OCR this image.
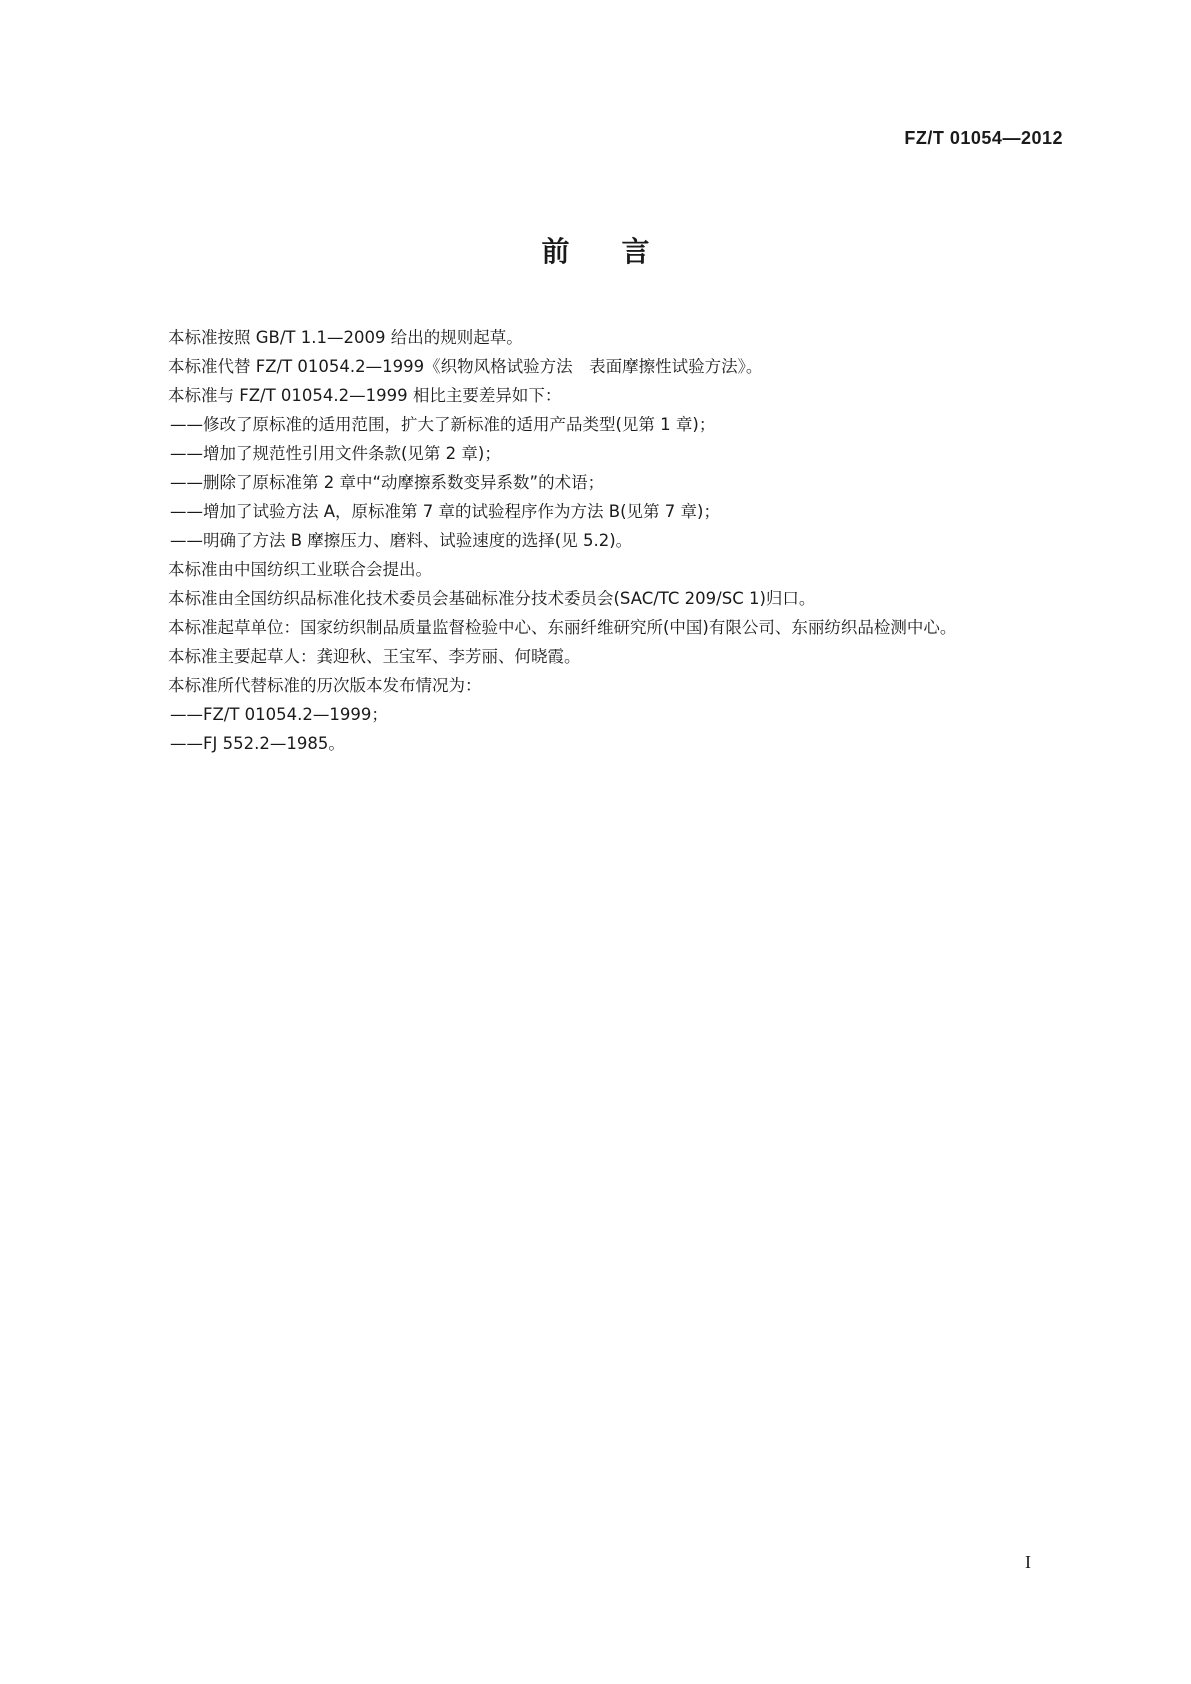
FZ/T 01054—2012
前言

本标准按照 GB/T 1.1—2009 给出的规则起草。

本标准代替 FZ/T 01054.2—1999《织物风格试验方法　表面摩擦性试验方法》。

本标准与 FZ/T 01054.2—1999 相比主要差异如下：

——修改了原标准的适用范围，扩大了新标准的适用产品类型(见第 1 章)；

——增加了规范性引用文件条款(见第 2 章)；

——删除了原标准第 2 章中“动摩擦系数变异系数”的术语；

——增加了试验方法 A，原标准第 7 章的试验程序作为方法 B(见第 7 章)；

——明确了方法 B 摩擦压力、磨料、试验速度的选择(见 5.2)。

本标准由中国纺织工业联合会提出。

本标准由全国纺织品标准化技术委员会基础标准分技术委员会(SAC/TC 209/SC 1)归口。

本标准起草单位：国家纺织制品质量监督检验中心、东丽纤维研究所(中国)有限公司、东丽纺织品检测中心。

本标准主要起草人：龚迎秋、王宝军、李芳丽、何晓霞。

本标准所代替标准的历次版本发布情况为：

——FZ/T 01054.2—1999；

——FJ 552.2—1985。

I
